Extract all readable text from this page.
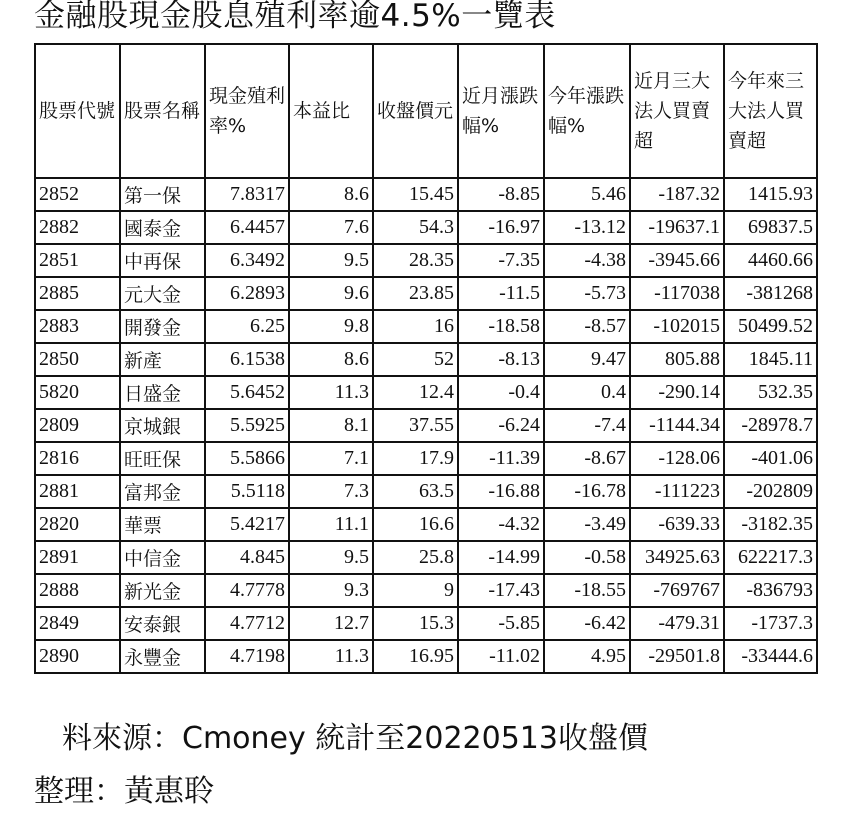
金融股現金股息殖利率逾4.5%一覽表
股票代號	股票名稱	現金殖利率%	本益比	收盤價元	近月漲跌幅%	今年漲跌幅%	近月三大法人買賣超	今年來三大法人買賣超
2852	第一保	7.8317	8.6	15.45	-8.85	5.46	-187.32	1415.93
2882	國泰金	6.4457	7.6	54.3	-16.97	-13.12	-19637.1	69837.5
2851	中再保	6.3492	9.5	28.35	-7.35	-4.38	-3945.66	4460.66
2885	元大金	6.2893	9.6	23.85	-11.5	-5.73	-117038	-381268
2883	開發金	6.25	9.8	16	-18.58	-8.57	-102015	50499.52
2850	新產	6.1538	8.6	52	-8.13	9.47	805.88	1845.11
5820	日盛金	5.6452	11.3	12.4	-0.4	0.4	-290.14	532.35
2809	京城銀	5.5925	8.1	37.55	-6.24	-7.4	-1144.34	-28978.7
2816	旺旺保	5.5866	7.1	17.9	-11.39	-8.67	-128.06	-401.06
2881	富邦金	5.5118	7.3	63.5	-16.88	-16.78	-111223	-202809
2820	華票	5.4217	11.1	16.6	-4.32	-3.49	-639.33	-3182.35
2891	中信金	4.845	9.5	25.8	-14.99	-0.58	34925.63	622217.3
2888	新光金	4.7778	9.3	9	-17.43	-18.55	-769767	-836793
2849	安泰銀	4.7712	12.7	15.3	-5.85	-6.42	-479.31	-1737.3
2890	永豐金	4.7198	11.3	16.95	-11.02	4.95	-29501.8	-33444.6
料來源：Cmoney 統計至20220513收盤價
整理：黃惠聆
